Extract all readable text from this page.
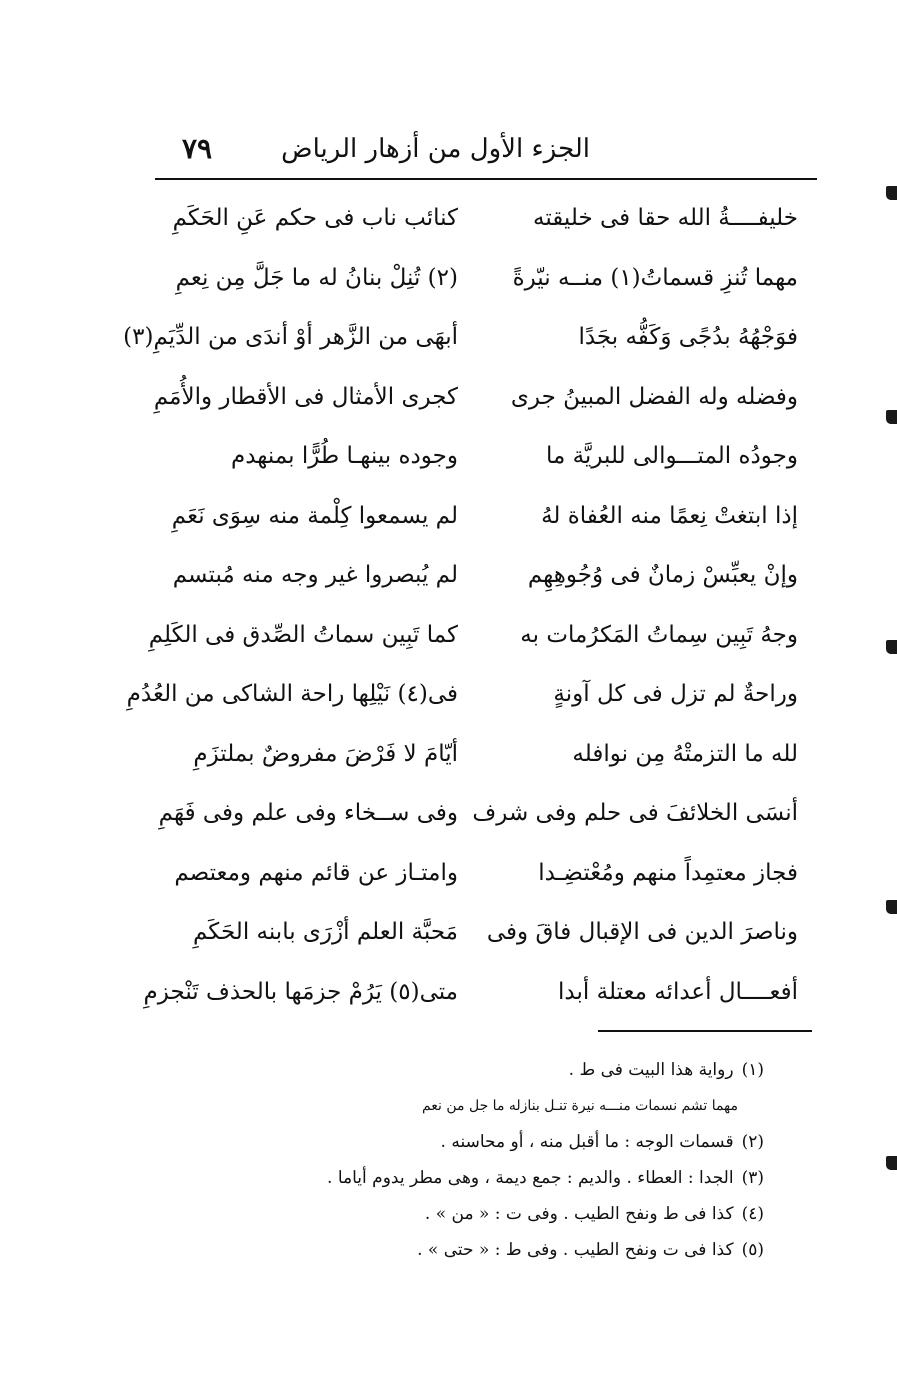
٧٩	الجزء الأول من أزهار الرياض
خليفــــةُ الله حقا فى خليقته
كنائب ناب فى حكم عَنِ الحَكَمِ
مهما تُنزِ قسماتُ(١) منــه نيّرةً
(٢) تُنِلْ بنانُ له ما جَلَّ مِن نِعمِ
فوَجْهُهُ بدُجًى وَكَفُّه بجَدًا
أبهَى من الزَّهر أوْ أندَى من الدِّيَمِ(٣)
وفضله وله الفضل المبينُ جرى
كجرى الأمثال فى الأقطار والأُمَمِ
وجودُه المتـــوالى للبريَّة ما
وجوده بينهـا طُرًّا بمنهدم
إذا ابتغتْ نِعمًا منه العُفاة لهُ
لم يسمعوا كِلْمة منه سِوَى نَعَمِ
وإنْ يعبِّسْ زمانٌ فى وُجُوهِهِم
لم يُبصروا غير وجه منه مُبتسم
وجهُ تَبِين سِماتُ المَكرُمات به
كما تَبِين سماتُ الصِّدق فى الكَلِمِ
وراحةٌ لم تزل فى كل آونةٍ
فى(٤) نَيْلِها راحة الشاكى من العُدُمِ
لله ما التزمتْهُ مِن نوافله
أيّامَ لا فَرْضَ مفروضٌ بملتزَمِ
أنسَى الخلائفَ فى حلم وفى شرف
وفى ســخاء وفى علم وفى فَهَمِ
فجاز معتمِداً منهم ومُعْتضِـدا
وامتـاز عن قائم منهم ومعتصم
وناصرَ الدين فى الإقبال فاقَ وفى
مَحبَّة العلم أزْرَى بابنه الحَكَمِ
أفعــــال أعدائه معتلة أبدا
متى(٥) يَرُمْ جزمَها بالحذف تَنْجزمِ
(١)رواية هذا البيت فى ط .
مهما تشم نسمات منـــه نيرة تنـل بنازله ما جل من نعم
(٢)قسمات الوجه : ما أقبل منه ، أو محاسنه .
(٣)الجدا : العطاء . والديم : جمع ديمة ، وهى مطر يدوم أياما .
(٤)كذا فى ط ونفح الطيب . وفى ت : « من » .
(٥)كذا فى ت ونفح الطيب . وفى ط : « حتى » .
